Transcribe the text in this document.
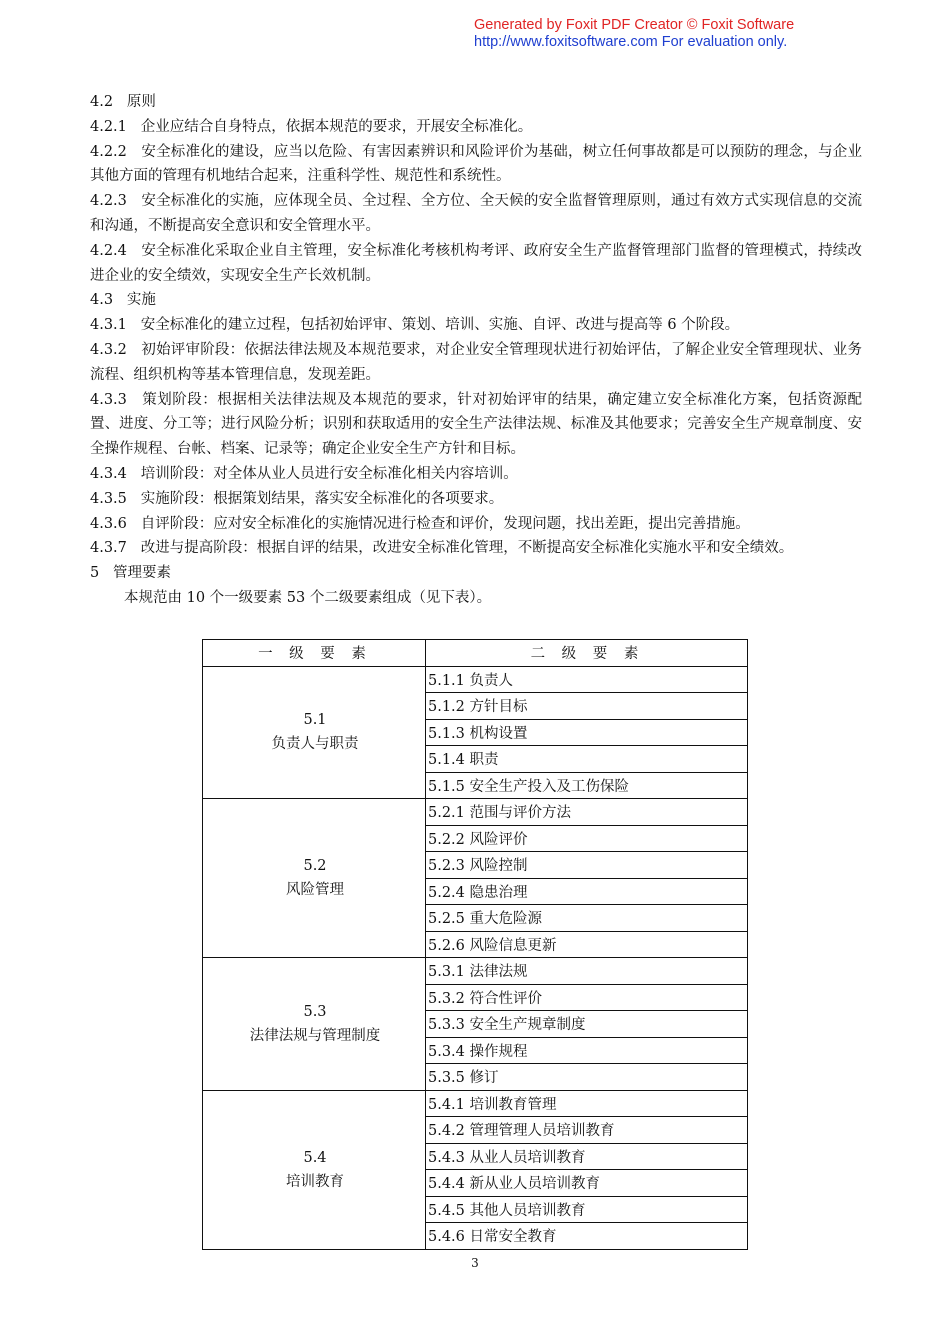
Generated by Foxit PDF Creator © Foxit Software
http://www.foxitsoftware.com For evaluation only.

4.2   原则

4.2.1   企业应结合自身特点，依据本规范的要求，开展安全标准化。

4.2.2   安全标准化的建设，应当以危险、有害因素辨识和风险评价为基础，树立任何事故都是可以预防的理念，与企业其他方面的管理有机地结合起来，注重科学性、规范性和系统性。

4.2.3   安全标准化的实施，应体现全员、全过程、全方位、全天候的安全监督管理原则，通过有效方式实现信息的交流和沟通，不断提高安全意识和安全管理水平。

4.2.4   安全标准化采取企业自主管理，安全标准化考核机构考评、政府安全生产监督管理部门监督的管理模式，持续改进企业的安全绩效，实现安全生产长效机制。

4.3   实施

4.3.1   安全标准化的建立过程，包括初始评审、策划、培训、实施、自评、改进与提高等 6 个阶段。

4.3.2   初始评审阶段：依据法律法规及本规范要求，对企业安全管理现状进行初始评估，了解企业安全管理现状、业务流程、组织机构等基本管理信息，发现差距。

4.3.3   策划阶段：根据相关法律法规及本规范的要求，针对初始评审的结果，确定建立安全标准化方案，包括资源配置、进度、分工等；进行风险分析；识别和获取适用的安全生产法律法规、标准及其他要求；完善安全生产规章制度、安全操作规程、台帐、档案、记录等；确定企业安全生产方针和目标。

4.3.4   培训阶段：对全体从业人员进行安全标准化相关内容培训。

4.3.5   实施阶段：根据策划结果，落实安全标准化的各项要求。

4.3.6   自评阶段：应对安全标准化的实施情况进行检查和评价，发现问题，找出差距，提出完善措施。

4.3.7   改进与提高阶段：根据自评的结果，改进安全标准化管理，不断提高安全标准化实施水平和安全绩效。

5   管理要素

本规范由 10 个一级要素 53 个二级要素组成（见下表）。

一 级 要 素	二 级 要 素

5.1
负责人与职责	5.1.1 负责人
	5.1.2 方针目标
	5.1.3 机构设置
	5.1.4 职责
	5.1.5 安全生产投入及工伤保险

5.2
风险管理	5.2.1 范围与评价方法
	5.2.2 风险评价
	5.2.3 风险控制
	5.2.4 隐患治理
	5.2.5 重大危险源
	5.2.6 风险信息更新

5.3
法律法规与管理制度	5.3.1 法律法规
	5.3.2 符合性评价
	5.3.3 安全生产规章制度
	5.3.4 操作规程
	5.3.5 修订

5.4
培训教育	5.4.1 培训教育管理
	5.4.2 管理管理人员培训教育
	5.4.3 从业人员培训教育
	5.4.4 新从业人员培训教育
	5.4.5 其他人员培训教育
	5.4.6 日常安全教育
3
